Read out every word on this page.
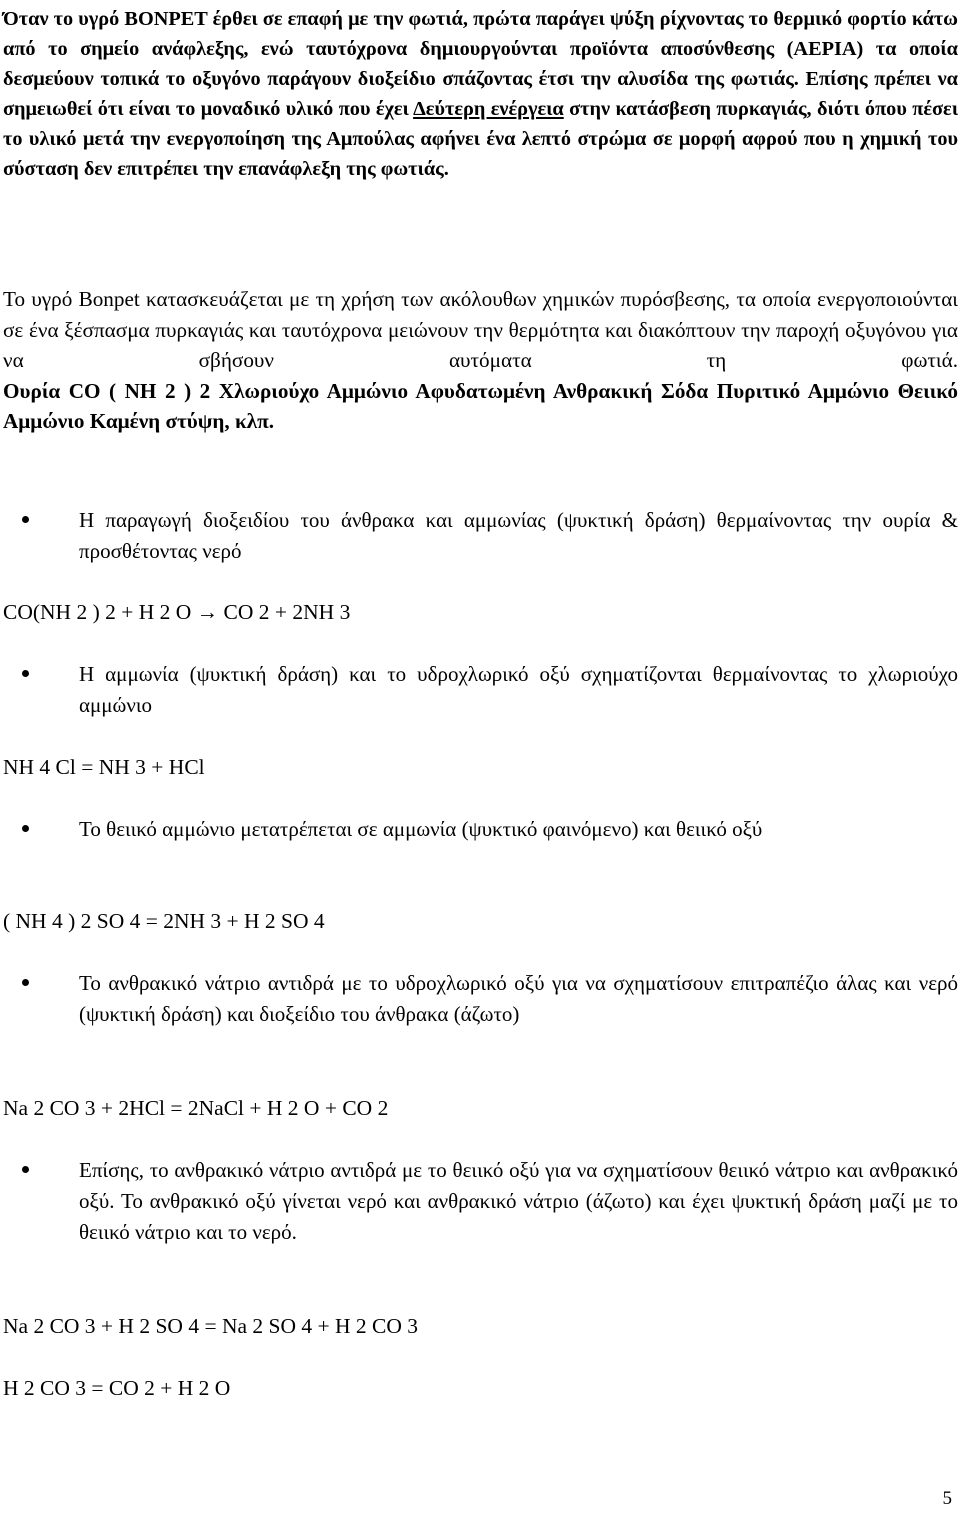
Όταν το υγρό BONPET έρθει σε επαφή με την φωτιά, πρώτα παράγει ψύξη ρίχνοντας το θερμικό φορτίο κάτω από το σημείο ανάφλεξης, ενώ ταυτόχρονα δημιουργούνται προϊόντα αποσύνθεσης (ΑΕΡΙΑ) τα οποία δεσμεύουν τοπικά το οξυγόνο παράγουν διοξείδιο σπάζοντας έτσι την αλυσίδα της φωτιάς. Επίσης πρέπει να σημειωθεί ότι είναι το μοναδικό υλικό που έχει Δεύτερη ενέργεια στην κατάσβεση πυρκαγιάς, διότι όπου πέσει το υλικό μετά την ενεργοποίηση της Αμπούλας αφήνει ένα λεπτό στρώμα σε μορφή αφρού που η χημική του σύσταση δεν επιτρέπει την επανάφλεξη της φωτιάς.

Το υγρό Bonpet κατασκευάζεται με τη χρήση των ακόλουθων χημικών πυρόσβεσης, τα οποία ενεργοποιούνται σε ένα ξέσπασμα πυρκαγιάς και ταυτόχρονα μειώνουν την θερμότητα και διακόπτουν την παροχή οξυγόνου για να σβήσουν αυτόματα τη φωτιά.
Ουρία CO ( NH 2 ) 2 Χλωριούχο Αμμώνιο Αφυδατωμένη Ανθρακική Σόδα Πυριτικό Αμμώνιο Θειικό Αμμώνιο Καμένη στύψη, κλπ.
Η παραγωγή διοξειδίου του άνθρακα και αμμωνίας (ψυκτική δράση) θερμαίνοντας την ουρία & προσθέτοντας νερό
CO(NH 2 ) 2 + H 2 O → CO 2 + 2NH 3
Η αμμωνία (ψυκτική δράση) και το υδροχλωρικό οξύ σχηματίζονται θερμαίνοντας το χλωριούχο αμμώνιο
NH 4 Cl = NH 3 + HCl
Το θειικό αμμώνιο μετατρέπεται σε αμμωνία (ψυκτικό φαινόμενο) και θειικό οξύ
( NH 4 ) 2 SO 4 = 2NH 3 + H 2 SO 4
Το ανθρακικό νάτριο αντιδρά με το υδροχλωρικό οξύ για να σχηματίσουν επιτραπέζιο άλας και νερό (ψυκτική δράση) και διοξείδιο του άνθρακα (άζωτο)
Na 2 CO 3 + 2HCl = 2NaCl + H 2 O + CO 2
Επίσης, το ανθρακικό νάτριο αντιδρά με το θειικό οξύ για να σχηματίσουν θειικό νάτριο και ανθρακικό οξύ. Το ανθρακικό οξύ γίνεται νερό και ανθρακικό νάτριο (άζωτο) και έχει ψυκτική δράση μαζί με το θειικό νάτριο και το νερό.
Na 2 CO 3 + H 2 SO 4 = Na 2 SO 4 + H 2 CO 3
H 2 CO 3 = CO 2 + H 2 O
5
